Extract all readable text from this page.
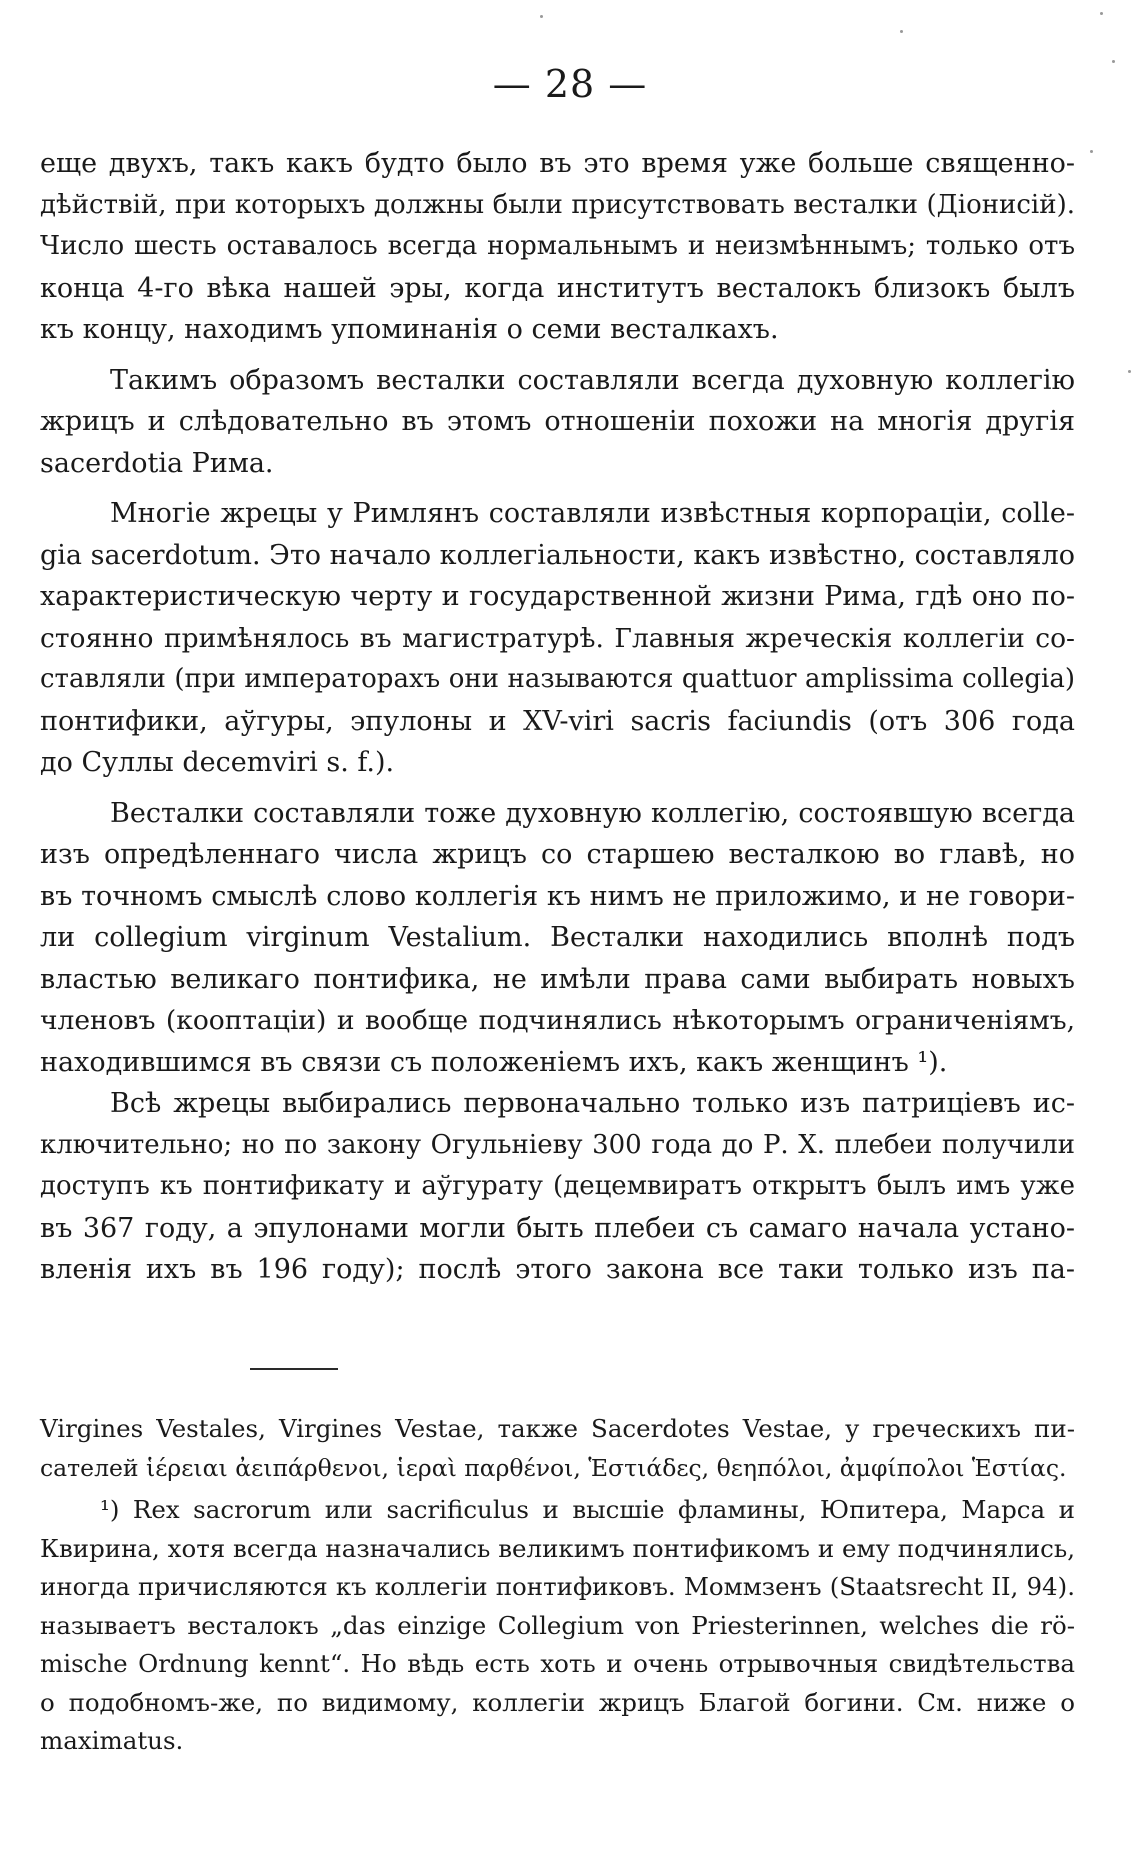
— 28 —
еще двухъ, такъ какъ будто было въ это время уже больше священно-
дѣйствій, при которыхъ должны были присутствовать весталки (Діонисій).
Число шесть оставалось всегда нормальнымъ и неизмѣннымъ; только отъ
конца 4-го вѣка нашей эры, когда институтъ весталокъ близокъ былъ
къ концу, находимъ упоминанія о семи весталкахъ.
Такимъ образомъ весталки составляли всегда духовную коллегію
жрицъ и слѣдовательно въ этомъ отношеніи похожи на многія другія
sacerdotia Рима.
Многіе жрецы у Римлянъ составляли извѣстныя корпораціи, colle-
gia sacerdotum. Это начало коллегіальности, какъ извѣстно, составляло
характеристическую черту и государственной жизни Рима, гдѣ оно по-
стоянно примѣнялось въ магистратурѣ. Главныя жреческія коллегіи со-
ставляли (при императорахъ они называются quattuor amplissima collegia)
понтифики, аўгуры, эпулоны и XV-viri sacris faciundis (отъ 306 года
до Суллы decemviri s. f.).
Весталки составляли тоже духовную коллегію, состоявшую всегда
изъ опредѣленнаго числа жрицъ со старшею весталкою во главѣ, но
въ точномъ смыслѣ слово коллегія къ нимъ не приложимо, и не говори-
ли collegium virginum Vestalium. Весталки находились вполнѣ подъ
властью великаго понтифика, не имѣли права сами выбирать новыхъ
членовъ (кооптаціи) и вообще подчинялись нѣкоторымъ ограниченіямъ,
находившимся въ связи съ положеніемъ ихъ, какъ женщинъ ¹).
Всѣ жрецы выбирались первоначально только изъ патриціевъ ис-
ключительно; но по закону Огульніеву 300 года до Р. Х. плебеи получили
доступъ къ понтификату и аўгурату (децемвиратъ открытъ былъ имъ уже
въ 367 году, а эпулонами могли быть плебеи съ самаго начала устано-
вленія ихъ въ 196 году); послѣ этого закона все таки только изъ па-
Virgines Vestales, Virgines Vestae, также Sacerdotes Vestae, у греческихъ пи-
сателей ἱέρειαι ἀειπάρθενοι, ἱεραὶ παρθένοι, Ἑστιάδες, θεηπόλοι, ἀμφίπολοι Ἑστίας.
¹) Rex sacrorum или sacrificulus и высшіе фламины, Юпитера, Марса и
Квирина, хотя всегда назначались великимъ понтификомъ и ему подчинялись,
иногда причисляются къ коллегіи понтификовъ. Моммзенъ (Staatsrecht II, 94).
называетъ весталокъ „das einzige Collegium von Priesterinnen, welches die rö-
mische Ordnung kennt“. Но вѣдь есть хоть и очень отрывочныя свидѣтельства
о подобномъ-же, по видимому, коллегіи жрицъ Благой богини. См. ниже о
maximatus.
